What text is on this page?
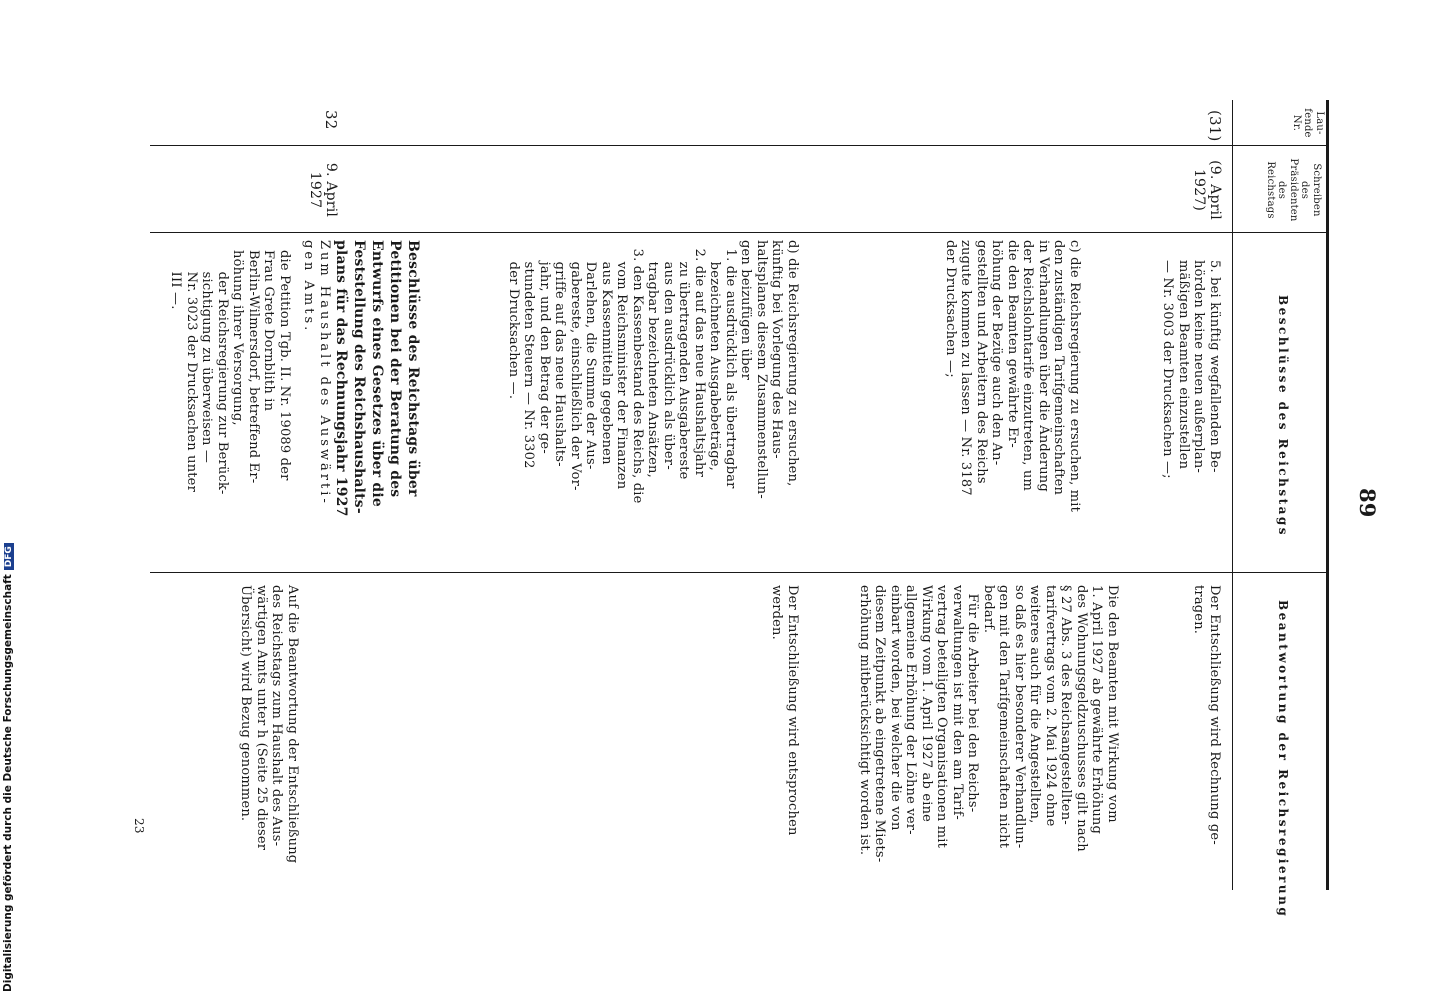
Digitalisierung gefördert durch die Deutsche ForschungsgemeinschaftDFG
Lau-
fende
Nr.
Schreiben
des
Präsidenten
des
Reichstags
Beschlüsse des Reichstags
Beantwortung der Reichsregierung
89
(31)
(9. April
1927)
5. bei künftig wegfallenden Be-
hörden keine neuen außerplan-
mäßigen Beamten einzustellen
— Nr. 3003 der Drucksachen —;
c) die Reichsregierung zu ersuchen, mit
den zuständigen Tarifgemeinschaften
in Verhandlungen über die Änderung
der Reichslohntarife einzutreten, um
die den Beamten gewährte Er-
höhung der Bezüge auch den An-
gestellten und Arbeitern des Reichs
zugute kommen zu lassen — Nr. 3187
der Drucksachen —;
d) die Reichsregierung zu ersuchen,
künftig bei Vorlegung des Haus-
haltsplanes diesem Zusammenstellun-
gen beizufügen über
1. die ausdrücklich als übertragbar
bezeichneten Ausgabebeträge,
2. die auf das neue Haushaltsjahr
zu übertragenden Ausgabereste
aus den ausdrücklich als über-
tragbar bezeichneten Ansätzen,
3. den Kassenbestand des Reichs, die
vom Reichsminister der Finanzen
aus Kassenmitteln gegebenen
Darlehen, die Summe der Aus-
gabereste, einschließlich der Vor-
griffe auf das neue Haushalts-
jahr, und den Betrag der ge-
stundeten Steuern — Nr. 3302
der Drucksachen —.
Der Entschließung wird Rechnung ge-
tragen.
Die den Beamten mit Wirkung vom
1. April 1927 ab gewährte Erhöhung
des Wohnungsgeldzuschusses gilt nach
§ 27 Abs. 3 des Reichsangestellten-
tarifvertrags vom 2. Mai 1924 ohne
weiteres auch für die Angestellten,
so daß es hier besonderer Verhandlun-
gen mit den Tarifgemeinschaften nicht
bedarf.
Für die Arbeiter bei den Reichs-
verwaltungen ist mit den am Tarif-
vertrag beteiligten Organisationen mit
Wirkung vom 1. April 1927 ab eine
allgemeine Erhöhung der Löhne ver-
einbart worden, bei welcher die von
diesem Zeitpunkt ab eingetretene Miets-
erhöhung mitberücksichtigt worden ist.
Der Entschließung wird entsprochen
werden.
32
9. April
1927
Beschlüsse des Reichstags über
Petitionen bei der Beratung des
Entwurfs eines Gesetzes über die
Feststellung des Reichshaushalts-
plans für das Rechnungsjahr 1927
Zum Haushalt des Auswärti-
gen Amts.
die Petition Tgb. II. Nr. 19089 der
Frau Grete Dornblith in
Berlin-Wilmersdorf, betreffend Er-
höhung ihrer Versorgung,
der Reichsregierung zur Berück-
sichtigung zu überweisen —
Nr. 3023 der Drucksachen unter
III —.
Auf die Beantwortung der Entschließung
des Reichstags zum Haushalt des Aus-
wärtigen Amts unter h (Seite 25 dieser
Übersicht) wird Bezug genommen.
23
